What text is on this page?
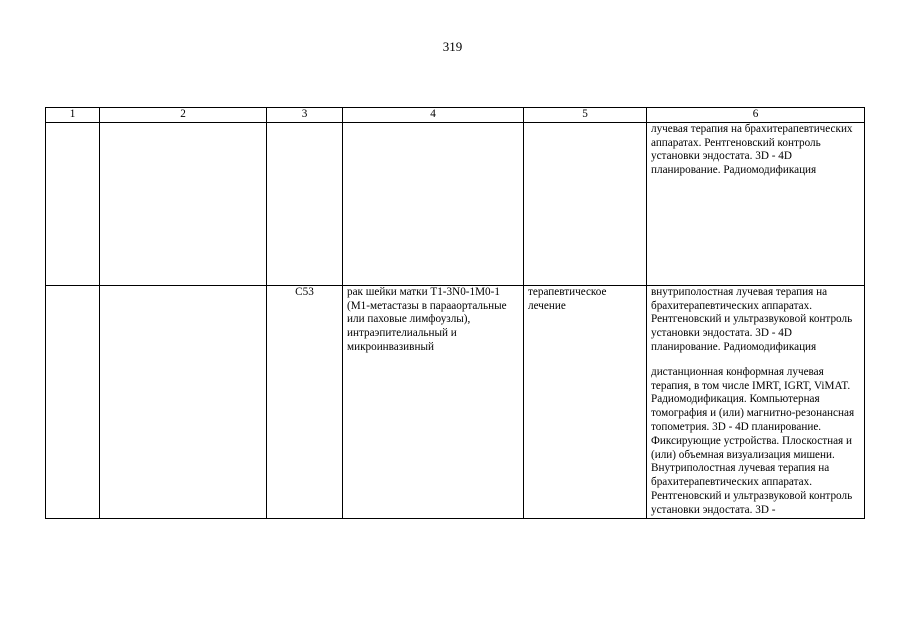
319
1	2	3	4	5	6

					лучевая терапия на брахитерапевтических аппаратах. Рентгеновский контроль установки эндостата. 3D - 4D планирование. Радиомодификация

		C53	рак шейки матки T1-3N0-1M0-1 (M1-метастазы в парааортальные или паховые лимфоузлы), интраэпителиальный и микроинвазивный	терапевтическое лечение	внутриполостная лучевая терапия на брахитерапевтических аппаратах. Рентгеновский и ультразвуковой контроль установки эндостата. 3D - 4D планирование. Радиомодификация

дистанционная конформная лучевая терапия, в том числе IMRT, IGRT, ViMAT. Радиомодификация. Компьютерная томография и (или) магнитно-резонансная топометрия. 3D - 4D планирование. Фиксирующие устройства. Плоскостная и (или) объемная визуализация мишени. Внутриполостная лучевая терапия на брахитерапевтических аппаратах. Рентгеновский и ультразвуковой контроль установки эндостата. 3D -
